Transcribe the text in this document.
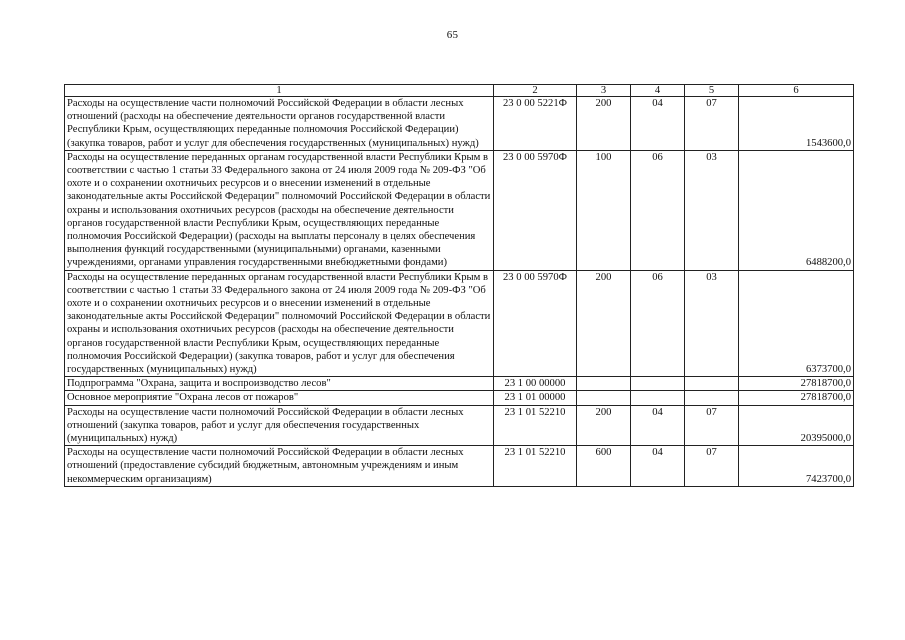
65
1	2	3	4	5	6
Расходы на осуществление части полномочий Российской Федерации в области лесных отношений (расходы на обеспечение деятельности органов государственной власти Республики Крым, осуществляющих переданные полномочия Российской Федерации) (закупка товаров, работ и услуг для обеспечения государственных (муниципальных) нужд)	23 0 00 5221Ф	200	04	07	1543600,0
Расходы на осуществление переданных органам государственной власти Республики Крым в соответствии с частью 1 статьи 33 Федерального закона от 24 июля 2009 года № 209-ФЗ "Об охоте и о сохранении охотничьих ресурсов и о внесении изменений в отдельные законодательные акты Российской Федерации" полномочий Российской Федерации в области охраны и использования охотничьих ресурсов (расходы на обеспечение деятельности органов государственной власти Республики Крым, осуществляющих переданные полномочия Российской Федерации) (расходы на выплаты персоналу в целях обеспечения выполнения функций государственными (муниципальными) органами, казенными учреждениями, органами управления государственными внебюджетными фондами)	23 0 00 5970Ф	100	06	03	6488200,0
Расходы на осуществление переданных органам государственной власти Республики Крым в соответствии с частью 1 статьи 33 Федерального закона от 24 июля 2009 года № 209-ФЗ "Об охоте и о сохранении охотничьих ресурсов и о внесении изменений в отдельные законодательные акты Российской Федерации" полномочий Российской Федерации в области охраны и использования охотничьих ресурсов (расходы на обеспечение деятельности органов государственной власти Республики Крым, осуществляющих переданные полномочия Российской Федерации) (закупка товаров, работ и услуг для обеспечения государственных (муниципальных) нужд)	23 0 00 5970Ф	200	06	03	6373700,0
Подпрограмма "Охрана, защита и воспроизводство лесов"	23 1 00 00000				27818700,0
Основное мероприятие "Охрана лесов от пожаров"	23 1 01 00000				27818700,0
Расходы на осуществление части полномочий Российской Федерации в области лесных отношений (закупка товаров, работ и услуг для обеспечения государственных (муниципальных) нужд)	23 1 01 52210	200	04	07	20395000,0
Расходы на осуществление части полномочий Российской Федерации в области лесных отношений (предоставление субсидий бюджетным, автономным учреждениям и иным некоммерческим организациям)	23 1 01 52210	600	04	07	7423700,0
